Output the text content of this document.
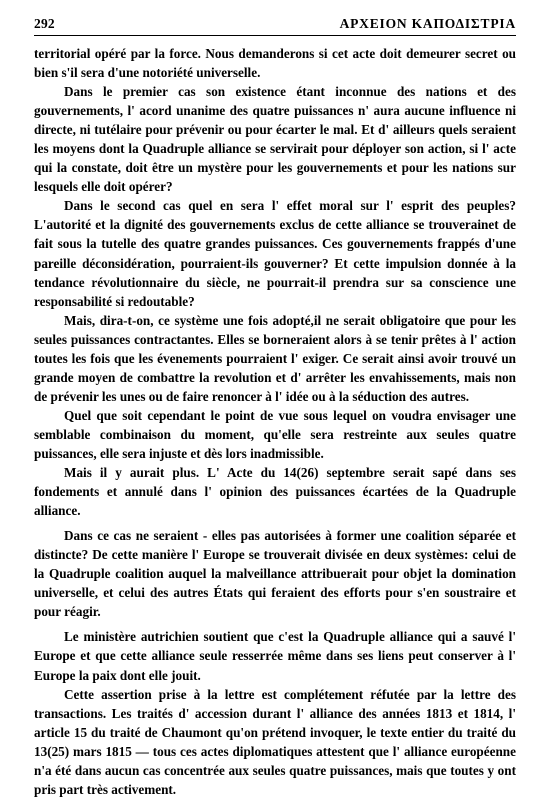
292	ΑΡΧΕΙΟΝ ΚΑΠΟΔΙΣΤΡΙΑ

territorial opéré par la force. Nous demanderons si cet acte doit demeurer secret ou bien s'il sera d'une notoriété universelle.

Dans le premier cas son existence étant inconnue des nations et des gouvernements, l' acord unanime des quatre puissances n' aura aucune influence ni directe, ni tutélaire pour prévenir ou pour écarter le mal. Et d' ailleurs quels seraient les moyens dont la Quadruple alliance se servirait pour déployer son action, si l' acte qui la constate, doit être un mystère pour les gouvernements et pour les nations sur lesquels elle doit opérer?

Dans le second cas quel en sera l' effet moral sur l' esprit des peuples? L'autorité et la dignité des gouvernements exclus de cette alliance se trouverainet de fait sous la tutelle des quatre grandes puissances. Ces gouvernements frappés d'une pareille déconsidération, pourraient-ils gouverner? Et cette impulsion donnée à la tendance révolutionnaire du siècle, ne pourrait-il prendra sur sa conscience une responsabilité si redoutable?

Mais, dira-t-on, ce système une fois adopté,il ne serait obligatoire que pour les seules puissances contractantes. Elles se borneraient alors à se tenir prêtes à l' action toutes les fois que les évenements pourraient l' exiger. Ce serait ainsi avoir trouvé un grande moyen de combattre la revolution et d' arrêter les envahissements, mais non de prévenir les unes ou de faire renoncer à l' idée ou à la séduction des autres.

Quel que soit cependant le point de vue sous lequel on voudra envisager une semblable combinaison du moment, qu'elle sera restreinte aux seules quatre puissances, elle sera injuste et dès lors inadmissible.

Mais il y aurait plus. L' Acte du 14(26) septembre serait sapé dans ses fondements et annulé dans l' opinion des puissances écartées de la Quadruple alliance.

Dans ce cas ne seraient - elles pas autorisées à former une coalition séparée et distincte? De cette manière l' Europe se trouverait divisée en deux systèmes: celui de la Quadruple coalition auquel la malveillance attribuerait pour objet la domination universelle, et celui des autres États qui feraient des efforts pour s'en soustraire et pour réagir.

Le ministère autrichien soutient que c'est la Quadruple alliance qui a sauvé l' Europe et que cette alliance seule resserrée même dans ses liens peut conserver à l' Europe la paix dont elle jouit.

Cette assertion prise à la lettre est complétement réfutée par la lettre des transactions. Les traités d' accession durant l' alliance des années 1813 et 1814, l' article 15 du traité de Chaumont qu'on prétend invoquer, le texte entier du traité du 13(25) mars 1815 — tous ces actes diplomatiques attestent que l' alliance européenne n'a été dans aucun cas concentrée aux seules quatre puissances, mais que toutes y ont pris part très activement.
